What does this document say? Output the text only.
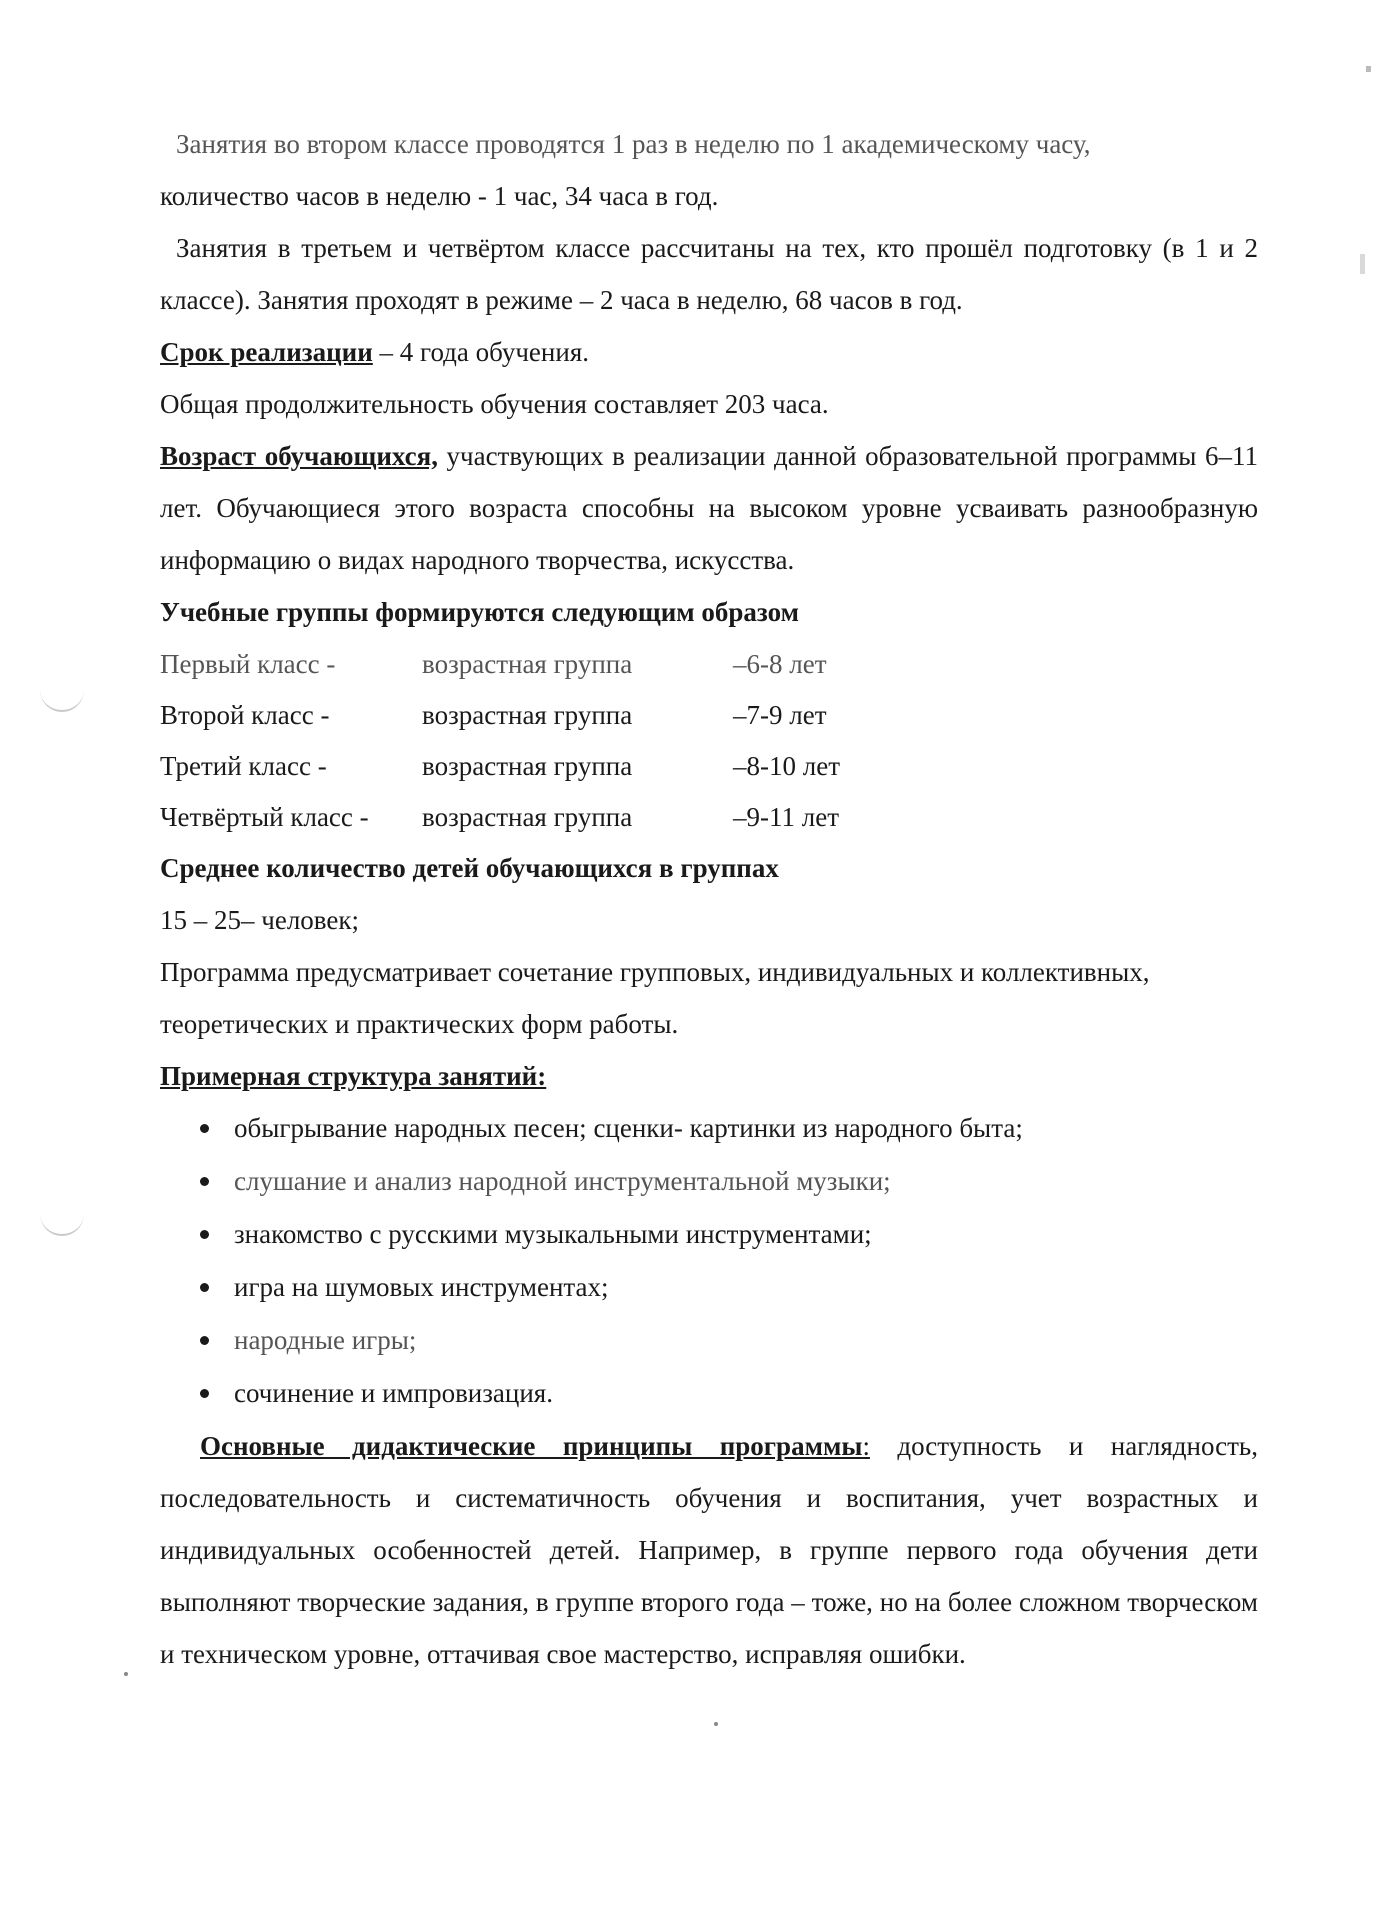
Занятия во втором классе проводятся 1 раз в неделю по 1 академическому часу,

количество часов в неделю - 1 час, 34 часа в год.

Занятия в третьем и четвёртом классе рассчитаны на тех, кто прошёл подготовку (в 1 и 2 классе). Занятия проходят в режиме – 2 часа в неделю, 68 часов в год.

Срок реализации – 4 года обучения.

Общая продолжительность обучения составляет 203 часа.

Возраст обучающихся, участвующих в реализации данной образовательной программы 6–11 лет. Обучающиеся этого возраста способны на высоком уровне усваивать разнообразную информацию о видах народного творчества, искусства.

Учебные группы формируются следующим образом

Первый класс -	возрастная группа	–6-8 лет
Второй класс -	возрастная группа	–7-9 лет
Третий класс -	возрастная группа	–8-10 лет
Четвёртый класс -	возрастная группа	–9-11 лет

Среднее количество детей обучающихся в группах

15 – 25– человек;

Программа предусматривает сочетание групповых, индивидуальных и коллективных, теоретических и практических форм работы.

Примерная структура занятий:

обыгрывание народных песен; сценки- картинки из народного быта;
слушание и анализ народной инструментальной музыки;
знакомство с русскими музыкальными инструментами;
игра на шумовых инструментах;
народные игры;
сочинение и импровизация.

Основные дидактические принципы программы: доступность и наглядность, последовательность и систематичность обучения и воспитания, учет возрастных и индивидуальных особенностей детей. Например, в группе первого года обучения дети выполняют творческие задания, в группе второго года – тоже, но на более сложном творческом и техническом уровне, оттачивая свое мастерство, исправляя ошибки.
